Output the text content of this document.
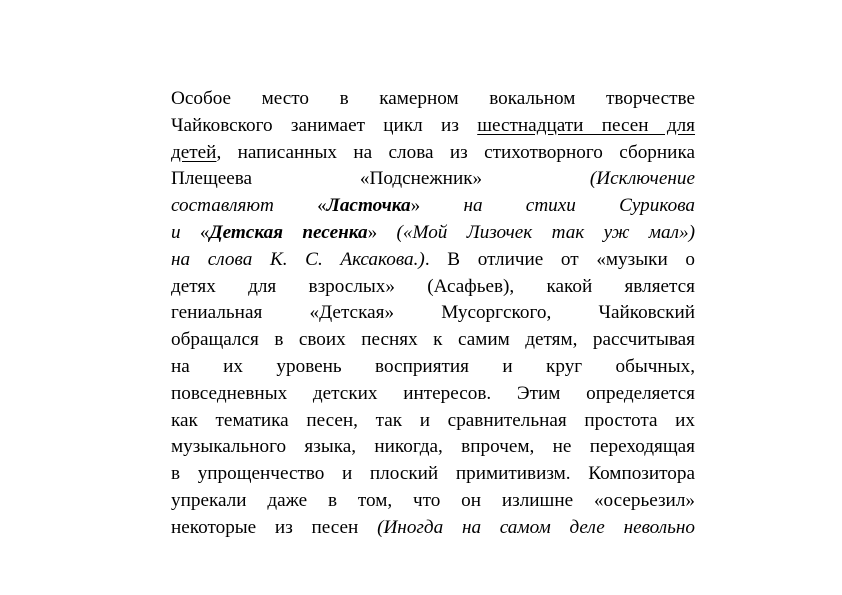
Особое место в камерном вокальном творчестве
Чайковского занимает цикл из шестнадцати песен для
детей, написанных на слова из стихотворного сборника
Плещеева	«Подснежник» (Исключение
составляют «Ласточка» на стихи Сурикова
и «Детская песенка» («Мой Лизочек так уж мал»)
на слова К. С. Аксакова.). В отличие от «музыки о
детях для взрослых» (Асафьев), какой является
гениальная «Детская» Мусоргского, Чайковский
обращался в своих песнях к самим детям, рассчитывая
на их уровень восприятия и круг обычных,
повседневных детских интересов. Этим определяется
как тематика песен, так и сравнительная простота их
музыкального языка, никогда, впрочем, не переходящая
в упрощенчество и плоский примитивизм. Композитора
упрекали даже в том, что он излишне «осерьезил»
некоторые из песен (Иногда на самом деле невольно
